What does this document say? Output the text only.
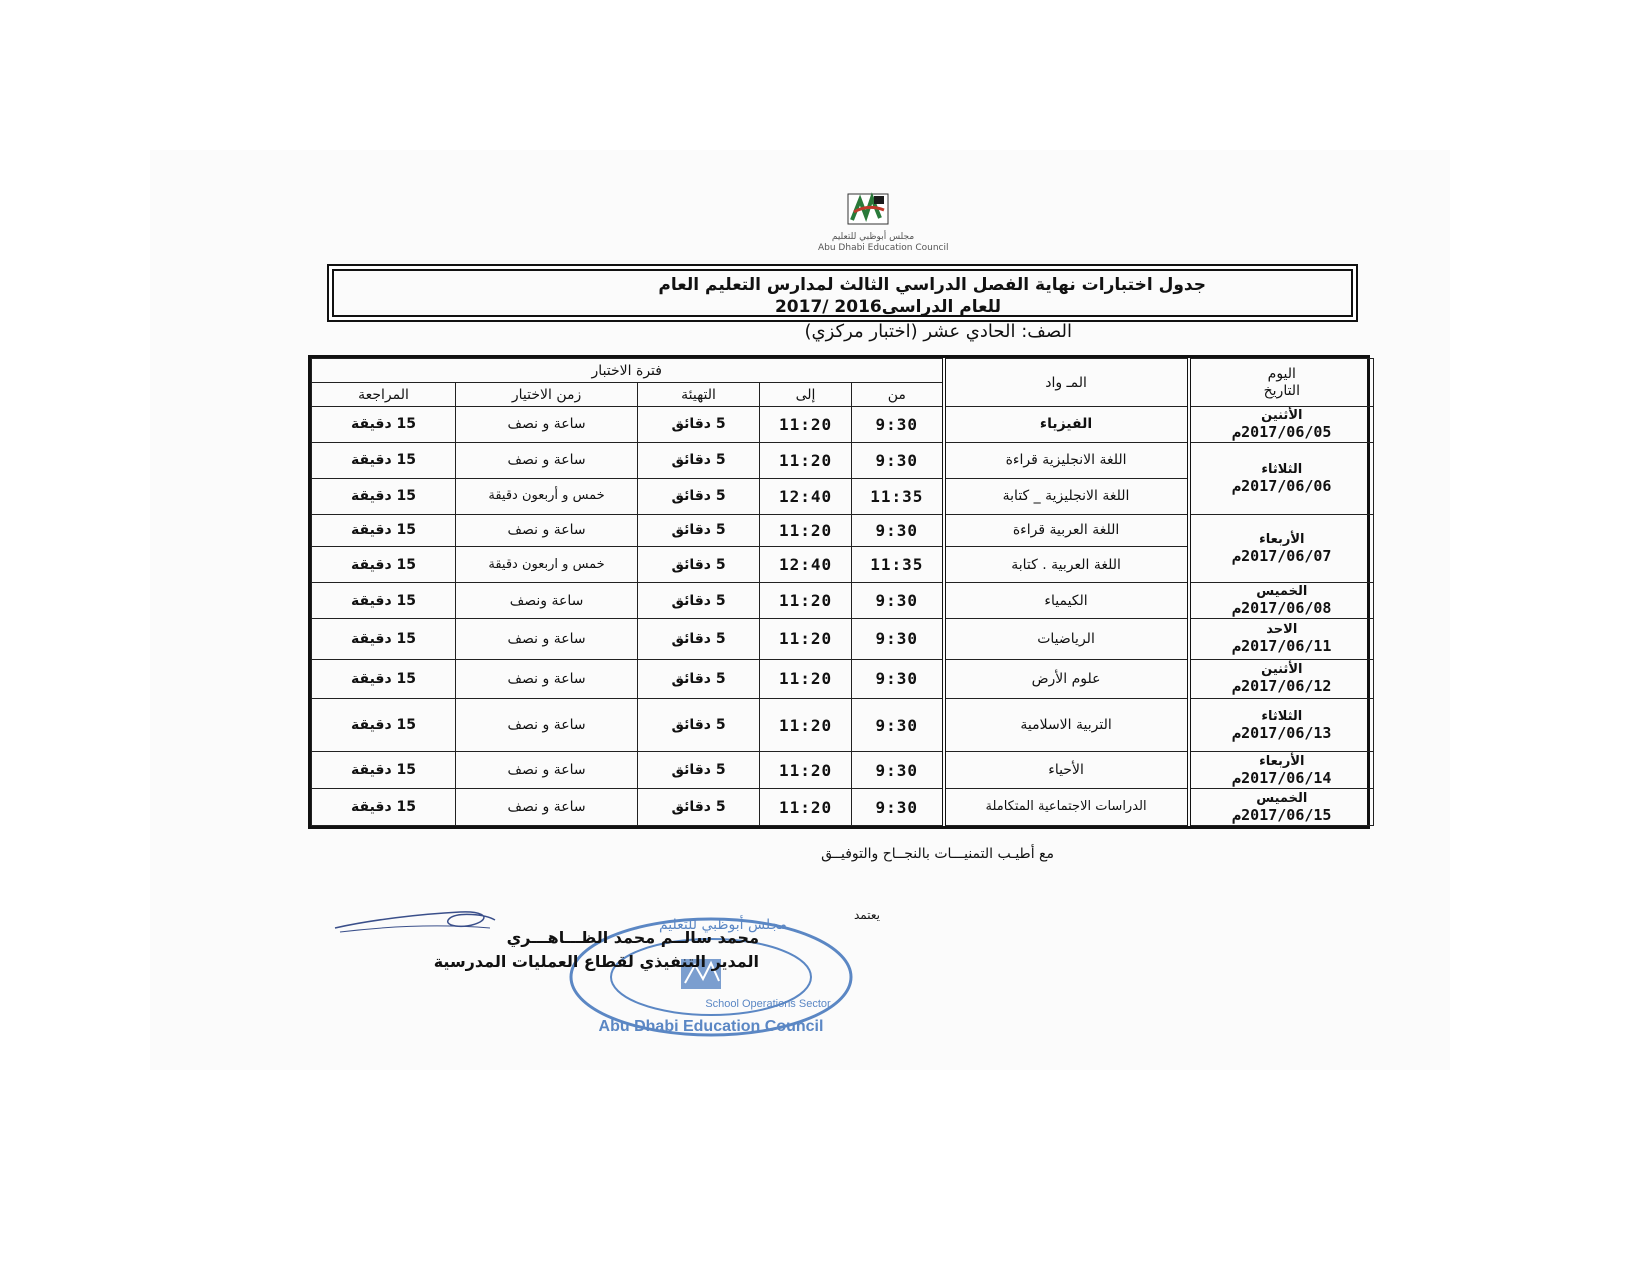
مجلس أبوظبي للتعليم
Abu Dhabi Education Council
جدول اختبارات نهاية الفصل الدراسي الثالث لمدارس التعليم العام
للعام الدراسي2016 /2017
الصف: الحادي عشر (اختبار مركزي)
اليوم
التاريخ	المـ واد	فترة الاختبار				
		من	إلى	التهيئة	زمن الاختيار	المراجعة

الأثنين
2017/06/05م	الفيزياء	9:30	11:20	5 دقائق	ساعة و نصف	15 دقيقة

الثلاثاء
2017/06/06م	اللغة الانجليزية قراءة	9:30	11:20	5 دقائق	ساعة و نصف	15 دقيقة
	اللغة الانجليزية _ كتابة	11:35	12:40	5 دقائق	خمس و أربعون دقيقة	15 دقيقة

الأربعاء
2017/06/07م	اللغة العربية قراءة	9:30	11:20	5 دقائق	ساعة و نصف	15 دقيقة
	اللغة العربية . كتابة	11:35	12:40	5 دقائق	خمس و اربعون دقيقة	15 دقيقة

الخميس
2017/06/08م	الكيمياء	9:30	11:20	5 دقائق	ساعة ونصف	15 دقيقة

الاحد
2017/06/11م	الرياضيات	9:30	11:20	5 دقائق	ساعة و نصف	15 دقيقة

الأثنين
2017/06/12م	علوم الأرض	9:30	11:20	5 دقائق	ساعة و نصف	15 دقيقة

الثلاثاء
2017/06/13م	التربية الاسلامية	9:30	11:20	5 دقائق	ساعة و نصف	15 دقيقة

الأربعاء
2017/06/14م	الأحياء	9:30	11:20	5 دقائق	ساعة و نصف	15 دقيقة

الخميس
2017/06/15م	الدراسات الاجتماعية المتكاملة	9:30	11:20	5 دقائق	ساعة و نصف	15 دقيقة
مع أطيـب التمنيـــات بالنجــاح والتوفيــق
يعتمد
Abu Dhabi Education Council
School Operations Sector
مجلس أبوظبي للتعليم
محمد سالــم محمد الظـــاهـــري
المدير التنفيذي لقطاع العمليات المدرسية
